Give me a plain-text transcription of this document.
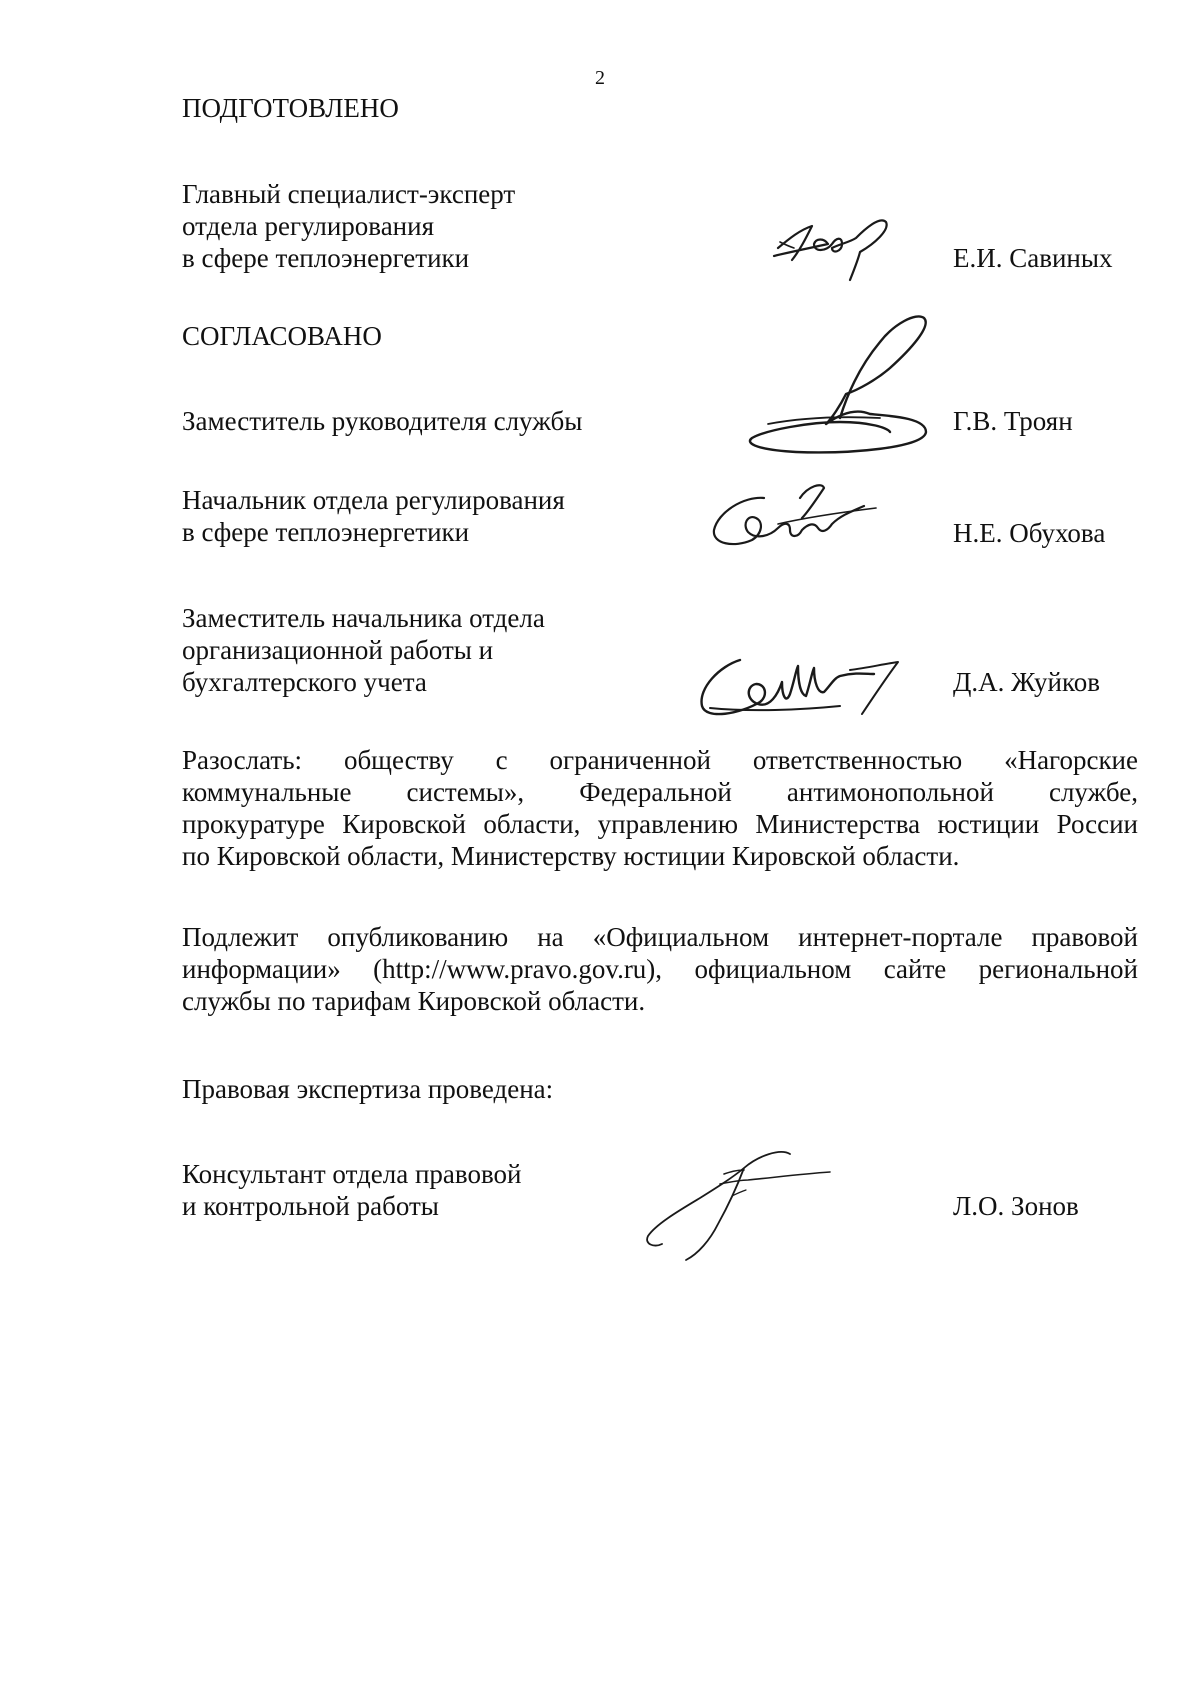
2
ПОДГОТОВЛЕНО
Главный специалист-эксперт
отдела регулирования
в сфере теплоэнергетики	Е.И. Савиных
СОГЛАСОВАНО
Заместитель руководителя службы	Г.В. Троян
Начальник отдела регулирования
в сфере теплоэнергетики	Н.Е. Обухова
Заместитель начальника отдела
организационной работы и
бухгалтерского учета	Д.А. Жуйков
Разослать: обществу с ограниченной ответственностью «Нагорские
коммунальные системы», Федеральной антимонопольной службе,
прокуратуре Кировской области, управлению Министерства юстиции России
по Кировской области, Министерству юстиции Кировской области.
Подлежит опубликованию на «Официальном интернет-портале правовой
информации» (http://www.pravo.gov.ru), официальном сайте региональной
службы по тарифам Кировской области.
Правовая экспертиза проведена:
Консультант отдела правовой
и контрольной работы	Л.О. Зонов
